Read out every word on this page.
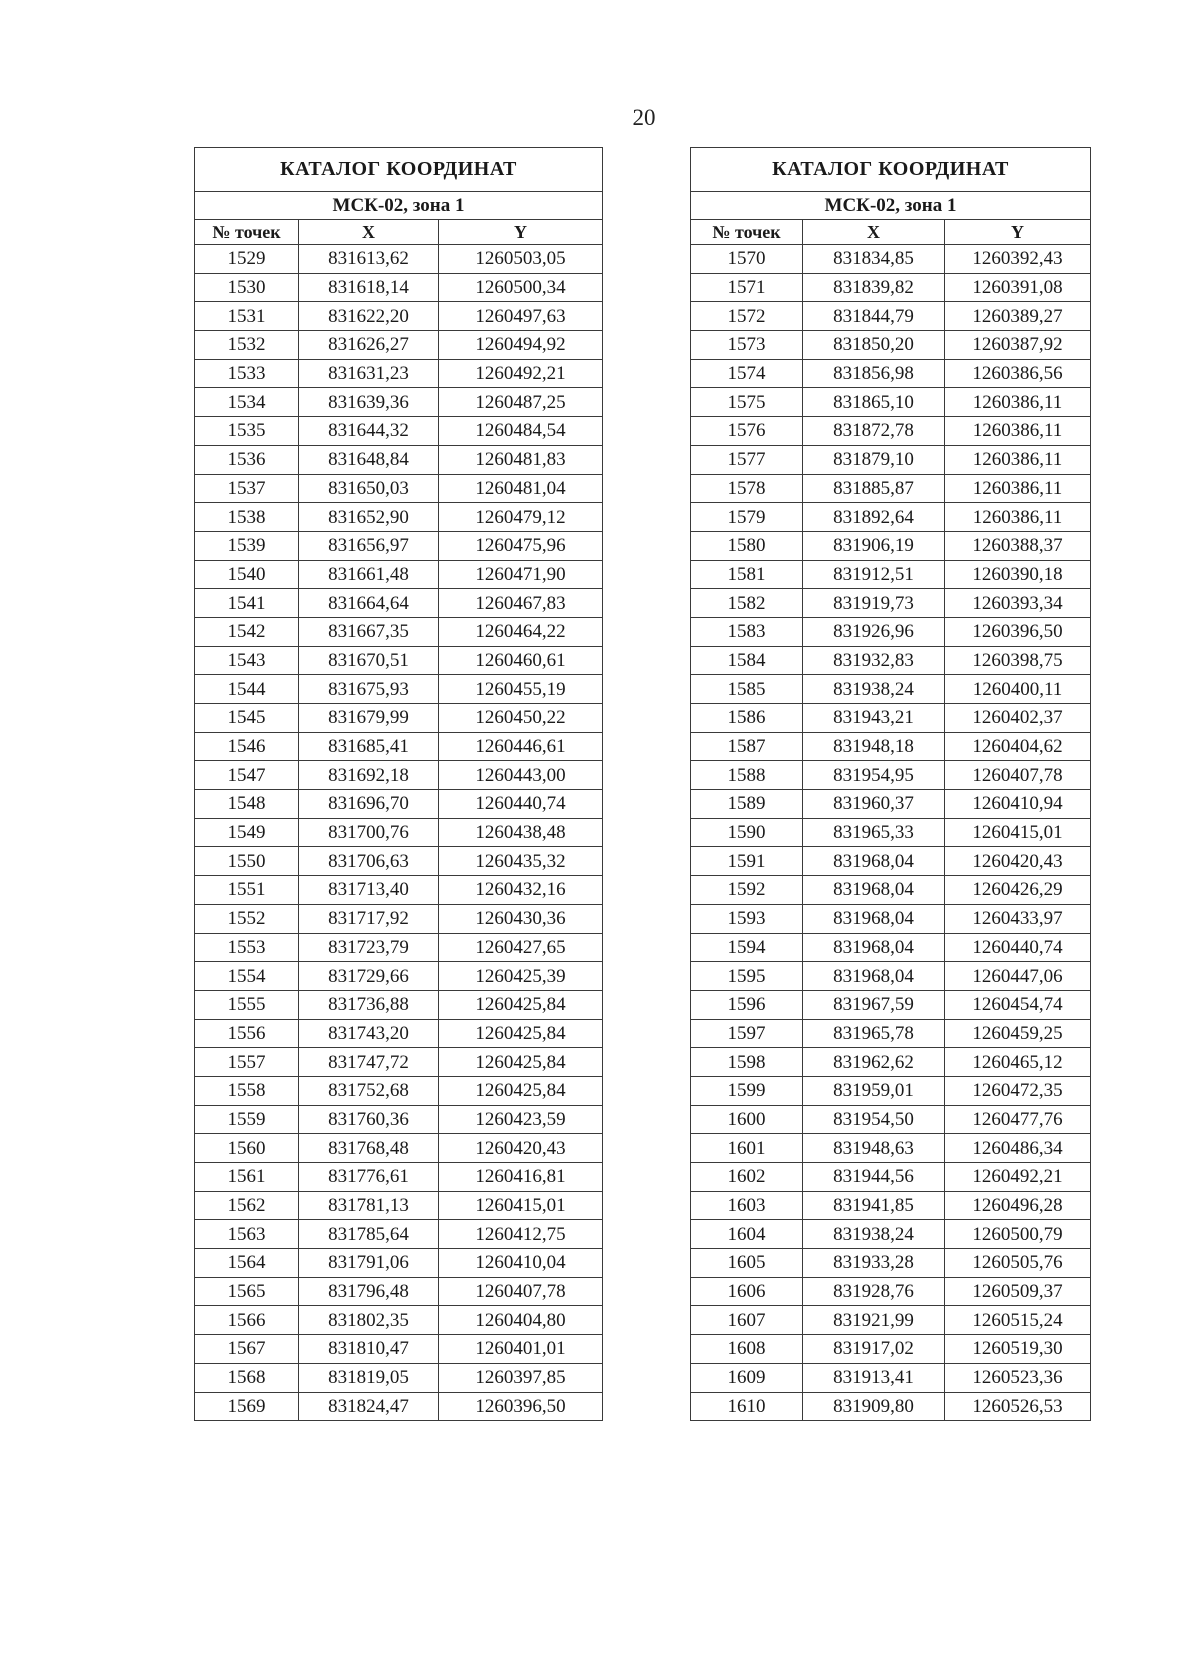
20
КАТАЛОГ КООРДИНАТ		
МСК-02, зона 1		
№ точек	X	Y
1529	831613,62	1260503,05
1530	831618,14	1260500,34
1531	831622,20	1260497,63
1532	831626,27	1260494,92
1533	831631,23	1260492,21
1534	831639,36	1260487,25
1535	831644,32	1260484,54
1536	831648,84	1260481,83
1537	831650,03	1260481,04
1538	831652,90	1260479,12
1539	831656,97	1260475,96
1540	831661,48	1260471,90
1541	831664,64	1260467,83
1542	831667,35	1260464,22
1543	831670,51	1260460,61
1544	831675,93	1260455,19
1545	831679,99	1260450,22
1546	831685,41	1260446,61
1547	831692,18	1260443,00
1548	831696,70	1260440,74
1549	831700,76	1260438,48
1550	831706,63	1260435,32
1551	831713,40	1260432,16
1552	831717,92	1260430,36
1553	831723,79	1260427,65
1554	831729,66	1260425,39
1555	831736,88	1260425,84
1556	831743,20	1260425,84
1557	831747,72	1260425,84
1558	831752,68	1260425,84
1559	831760,36	1260423,59
1560	831768,48	1260420,43
1561	831776,61	1260416,81
1562	831781,13	1260415,01
1563	831785,64	1260412,75
1564	831791,06	1260410,04
1565	831796,48	1260407,78
1566	831802,35	1260404,80
1567	831810,47	1260401,01
1568	831819,05	1260397,85
1569	831824,47	1260396,50
КАТАЛОГ КООРДИНАТ		
МСК-02, зона 1		
№ точек	X	Y
1570	831834,85	1260392,43
1571	831839,82	1260391,08
1572	831844,79	1260389,27
1573	831850,20	1260387,92
1574	831856,98	1260386,56
1575	831865,10	1260386,11
1576	831872,78	1260386,11
1577	831879,10	1260386,11
1578	831885,87	1260386,11
1579	831892,64	1260386,11
1580	831906,19	1260388,37
1581	831912,51	1260390,18
1582	831919,73	1260393,34
1583	831926,96	1260396,50
1584	831932,83	1260398,75
1585	831938,24	1260400,11
1586	831943,21	1260402,37
1587	831948,18	1260404,62
1588	831954,95	1260407,78
1589	831960,37	1260410,94
1590	831965,33	1260415,01
1591	831968,04	1260420,43
1592	831968,04	1260426,29
1593	831968,04	1260433,97
1594	831968,04	1260440,74
1595	831968,04	1260447,06
1596	831967,59	1260454,74
1597	831965,78	1260459,25
1598	831962,62	1260465,12
1599	831959,01	1260472,35
1600	831954,50	1260477,76
1601	831948,63	1260486,34
1602	831944,56	1260492,21
1603	831941,85	1260496,28
1604	831938,24	1260500,79
1605	831933,28	1260505,76
1606	831928,76	1260509,37
1607	831921,99	1260515,24
1608	831917,02	1260519,30
1609	831913,41	1260523,36
1610	831909,80	1260526,53
